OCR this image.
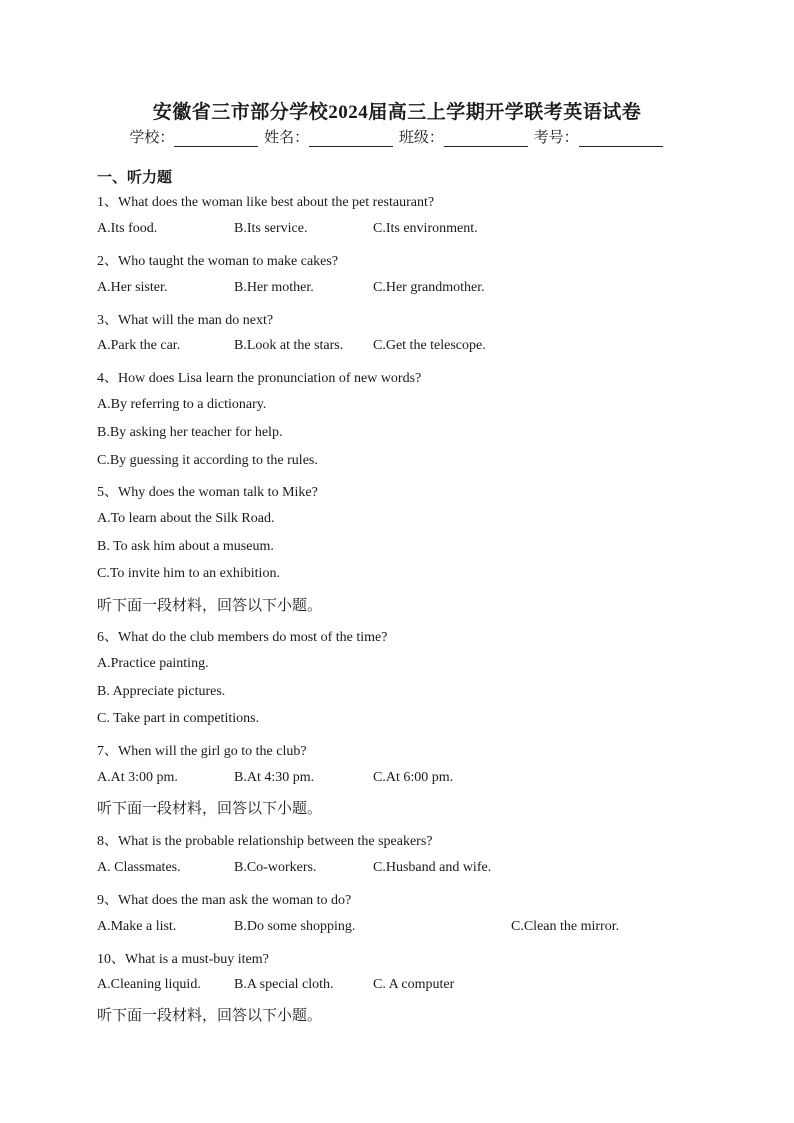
安徽省三市部分学校2024届高三上学期开学联考英语试卷
学校：	姓名：	班级：	考号：
一、听力题
1、What does the woman like best about the pet restaurant?
A.Its food.	B.Its service.	C.Its environment.
2、Who taught the woman to make cakes?
A.Her sister.	B.Her mother.	C.Her grandmother.
3、What will the man do next?
A.Park the car.	B.Look at the stars. C.Get the telescope.
4、How does Lisa learn the pronunciation of new words?
A.By referring to a dictionary.
B.By asking her teacher for help.
C.By guessing it according to the rules.
5、Why does the woman talk to Mike?
A.To learn about the Silk Road.
B. To ask him about a museum.
C.To invite him to an exhibition.
听下面一段材料，回答以下小题。
6、What do the club members do most of the time?
A.Practice painting.
B. Appreciate pictures.
C. Take part in competitions.
7、When will the girl go to the club?
A.At 3:00 pm.	B.At 4:30 pm.	C.At 6:00 pm.
听下面一段材料，回答以下小题。
8、What is the probable relationship between the speakers?
A. Classmates.	B.Co-workers.	C.Husband and wife.
9、What does the man ask the woman to do?
A.Make a list.	B.Do some shopping.	C.Clean the mirror.
10、What is a must-buy item?
A.Cleaning liquid. B.A special cloth.	C. A computer
听下面一段材料，回答以下小题。
